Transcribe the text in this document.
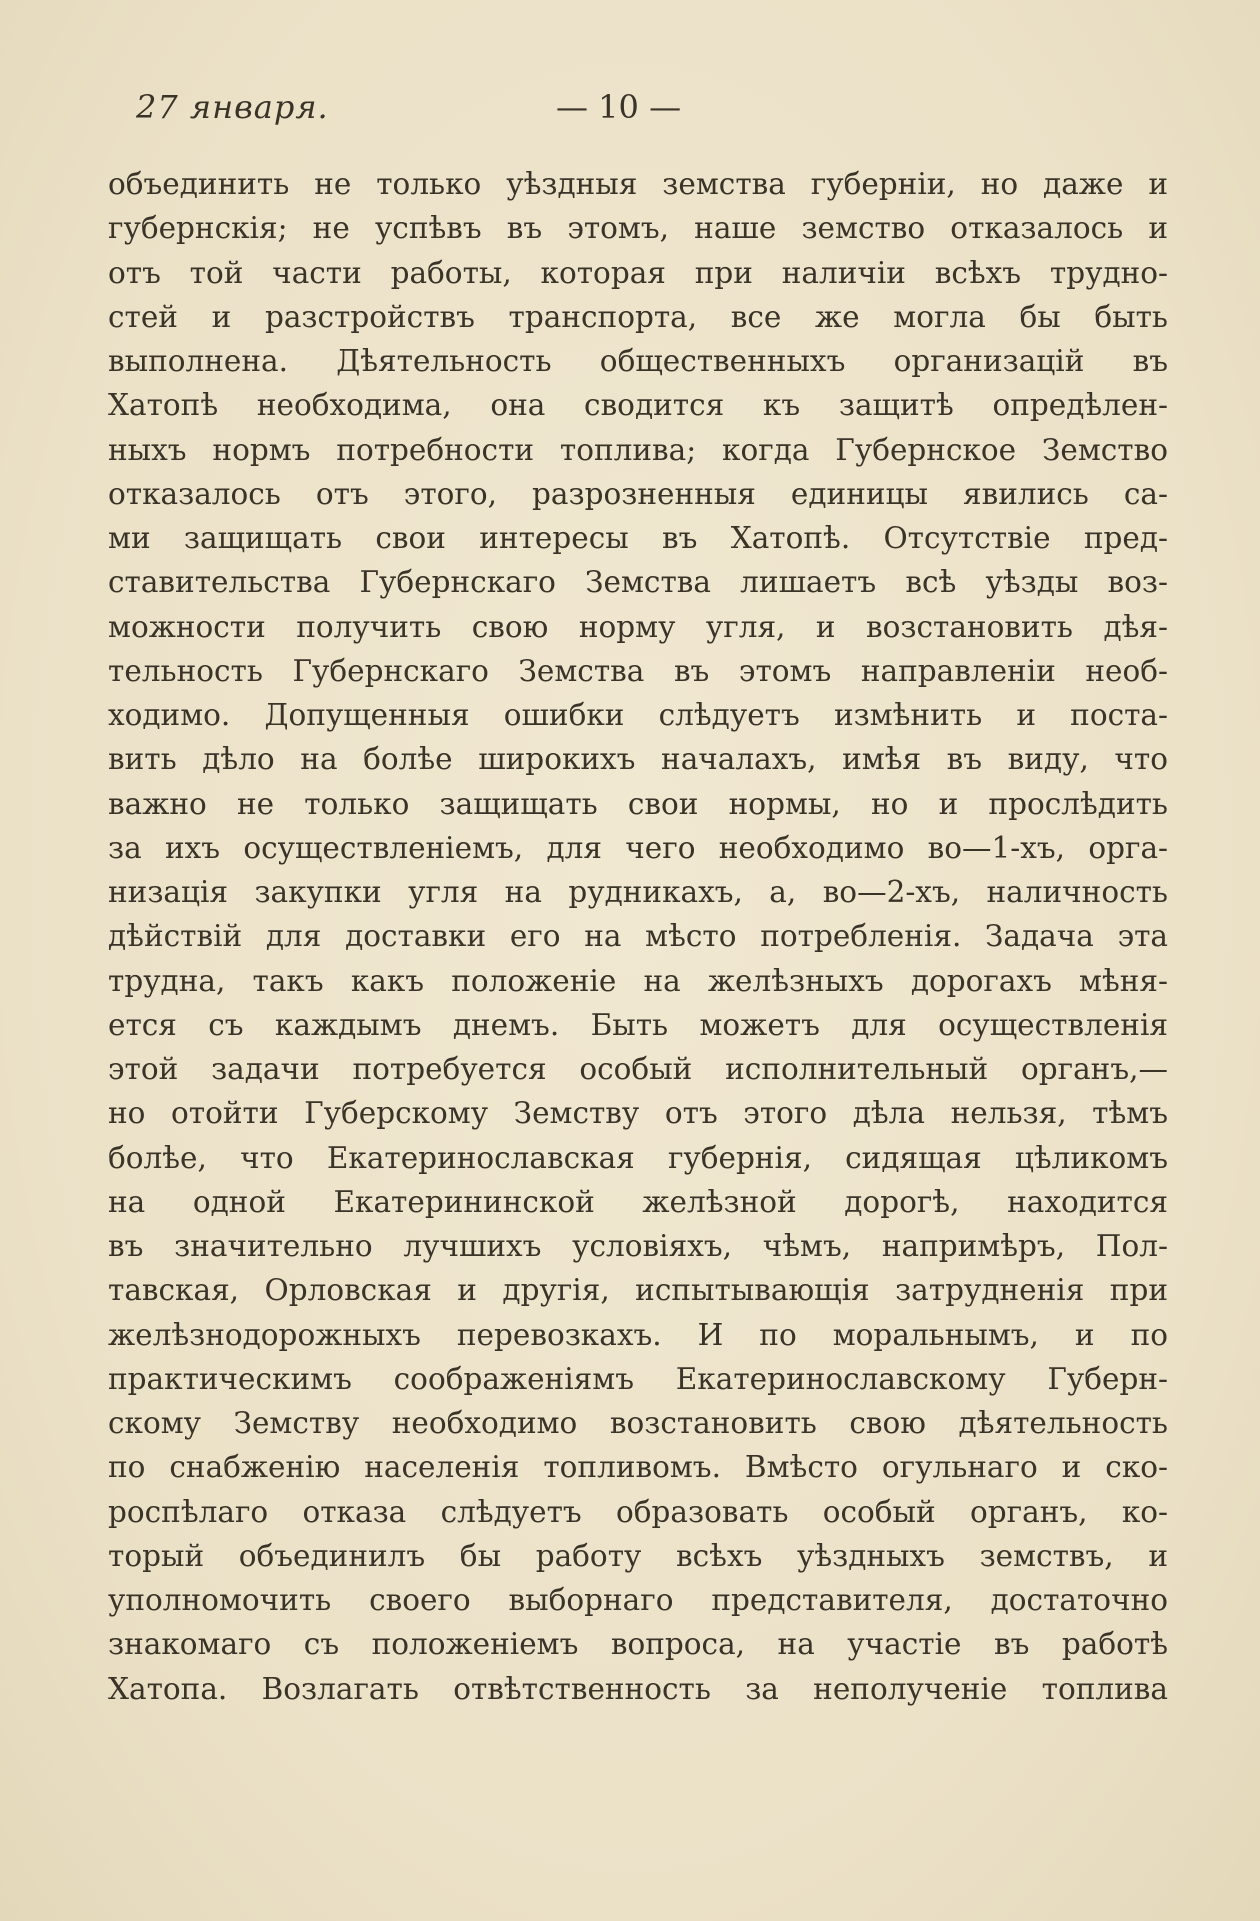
27 января.	— 10 —
объединить не только уѣздныя земства губерніи, но даже и
губернскія; не успѣвъ въ этомъ, наше земство отказалось и
отъ той части работы, которая при наличіи всѣхъ трудно-
стей и разстройствъ транспорта, все же могла бы быть
выполнена. Дѣятельность общественныхъ организацій въ
Хатопѣ необходима, она сводится къ защитѣ опредѣлен-
ныхъ нормъ потребности топлива; когда Губернское Земство
отказалось отъ этого, разрозненныя единицы явились са-
ми защищать свои интересы въ Хатопѣ. Отсутствіе пред-
ставительства Губернскаго Земства лишаетъ всѣ уѣзды воз-
можности получить свою норму угля, и возстановить дѣя-
тельность Губернскаго Земства въ этомъ направленіи необ-
ходимо. Допущенныя ошибки слѣдуетъ измѣнить и поста-
вить дѣло на болѣе широкихъ началахъ, имѣя въ виду, что
важно не только защищать свои нормы, но и прослѣдить
за ихъ осуществленіемъ, для чего необходимо во—1-хъ, орга-
низація закупки угля на рудникахъ, а, во—2-хъ, наличность
дѣйствій для доставки его на мѣсто потребленія. Задача эта
трудна, такъ какъ положеніе на желѣзныхъ дорогахъ мѣня-
ется съ каждымъ днемъ. Быть можетъ для осуществленія
этой задачи потребуется особый исполнительный органъ,—
но отойти Губерскому Земству отъ этого дѣла нельзя, тѣмъ
болѣе, что Екатеринославская губернія, сидящая цѣликомъ
на одной Екатерининской желѣзной дорогѣ, находится
въ значительно лучшихъ условіяхъ, чѣмъ, напримѣръ, Пол-
тавская, Орловская и другія, испытывающія затрудненія при
желѣзнодорожныхъ перевозкахъ. И по моральнымъ, и по
практическимъ соображеніямъ Екатеринославскому Губерн-
скому Земству необходимо возстановить свою дѣятельность
по снабженію населенія топливомъ. Вмѣсто огульнаго и ско-
роспѣлаго отказа слѣдуетъ образовать особый органъ, ко-
торый объединилъ бы работу всѣхъ уѣздныхъ земствъ, и
уполномочить своего выборнаго представителя, достаточно
знакомаго съ положеніемъ вопроса, на участіе въ работѣ
Хатопа. Возлагать отвѣтственность за неполученіе топлива
